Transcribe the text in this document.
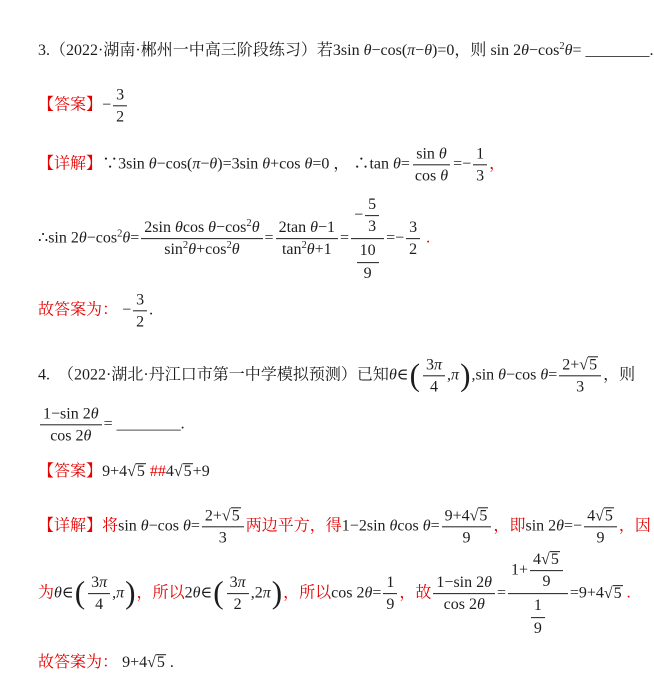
3.（2022·湖南·郴州一中高三阶段练习）若3sin θ−cos(π−θ)=0，则 $\sin 2\theta-\cos^2\theta=$ ________.
【答案】− $\frac{3}{2}$
【详解】∵3sin θ−cos(π−θ)=3sin θ+cos θ=0 ， ∴tan $\theta= \frac{\text{sin θ}}{\text{cos θ}} =- \frac{1}{3}$ ，
∴sin $2\theta-\cos^2\theta= \frac{2\sin \theta\cos \theta-\cos^2\theta}{\sin^2\theta+\cos^2\theta} = \frac{\text{2tan θ−1}}{\tan^2\theta+1} = \frac{- \frac{5}{3}}{\frac{10}{9}} =- \frac{3}{2}$ .
故答案为： − $\frac{3}{2}$ .
4. （2022·湖北·丹江口市第一中学模拟预测）已知θ∈( $\frac{3\pi}{4} ,\pi),\sin$ θ−cos $\theta= \frac{2+√5}{3}$ ，则
$\frac{1-\sin 2\theta}{\cos 2\theta}$ = ________.
【答案】9+4√5 ##4√5+9
【详解】将sin θ−cos $\theta= \frac{2+√5}{3}$ 两边平方，得1−2sin θcos $\theta= \frac{9+4√5}{9}$ ，即$\sin 2\theta=- \frac{4√5}{9}$ ，因
为θ∈( $\frac{3\pi}{4} ,\pi$)，所以2θ∈( $\frac{3\pi}{2} ,2\pi$)，所以$\cos 2\theta= \frac{1}{9}$ ，故 $\frac{1-\sin 2\theta}{\cos 2\theta} = \frac{1+ \frac{4√5}{9}}{\frac{1}{9}} =9+4√5$ .
故答案为： 9+4√5 .
